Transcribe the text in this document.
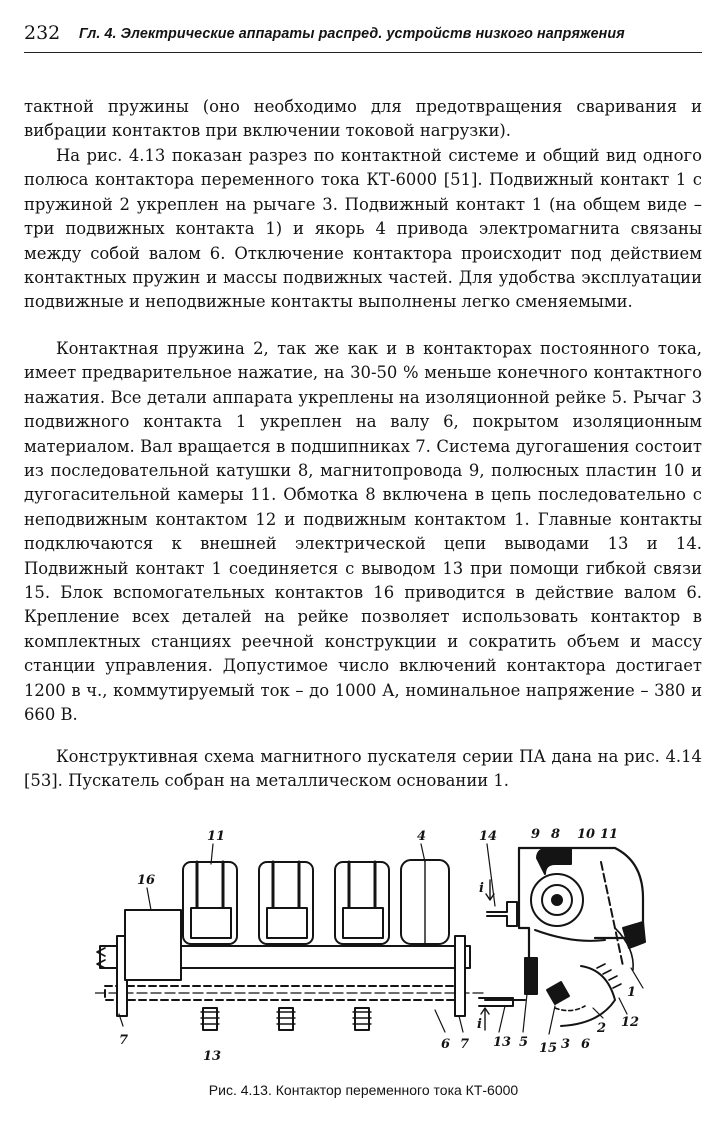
232 Гл. 4. Электрические аппараты распред. устройств низкого напряжения

тактной пружины (оно необходимо для предотвращения сваривания и вибрации контактов при включении токовой нагрузки).

На рис. 4.13 показан разрез по контактной системе и общий вид одного полюса контактора переменного тока КТ-6000 [51]. Подвижный контакт 1 с пружиной 2 укреплен на рычаге 3. Подвижный контакт 1 (на общем виде – три подвижных контакта 1) и якорь 4 привода электромагнита связаны между собой валом 6. Отключение контактора происходит под действием контактных пружин и массы подвижных частей. Для удобства эксплуатации подвижные и неподвижные контакты выполнены легко сменяемыми.

Контактная пружина 2, так же как и в контакторах постоянного тока, имеет предварительное нажатие, на 30-50 % меньше конечного контактного нажатия. Все детали аппарата укреплены на изоляционной рейке 5. Рычаг 3 подвижного контакта 1 укреплен на валу 6, покрытом изоляционным материалом. Вал вращается в подшипниках 7. Система дугогашения состоит из последовательной катушки 8, магнитопровода 9, полюсных пластин 10 и дугогасительной камеры 11. Обмотка 8 включена в цепь последовательно с неподвижным контактом 12 и подвижным контактом 1. Главные контакты подключаются к внешней электрической цепи выводами 13 и 14. Подвижный контакт 1 соединяется с выводом 13 при помощи гибкой связи 15. Блок вспомогательных контактов 16 приводится в действие валом 6. Крепление всех деталей на рейке позволяет использовать контактор в комплектных станциях реечной конструкции и сократить объем и массу станции управления. Допустимое число включений контактора достигает 1200 в ч., коммутируемый ток – до 1000 А, номинальное напряжение – 380 и 660 В.

Конструктивная схема магнитного пускателя серии ПА дана на рис. 4.14 [53]. Пускатель собран на металлическом основании 1.

11	4	14	9 8 10 11
16
i
i
7
13
6 7 13 5 15 3 6
2 12
1
Рис. 4.13. Контактор переменного тока КТ-6000
